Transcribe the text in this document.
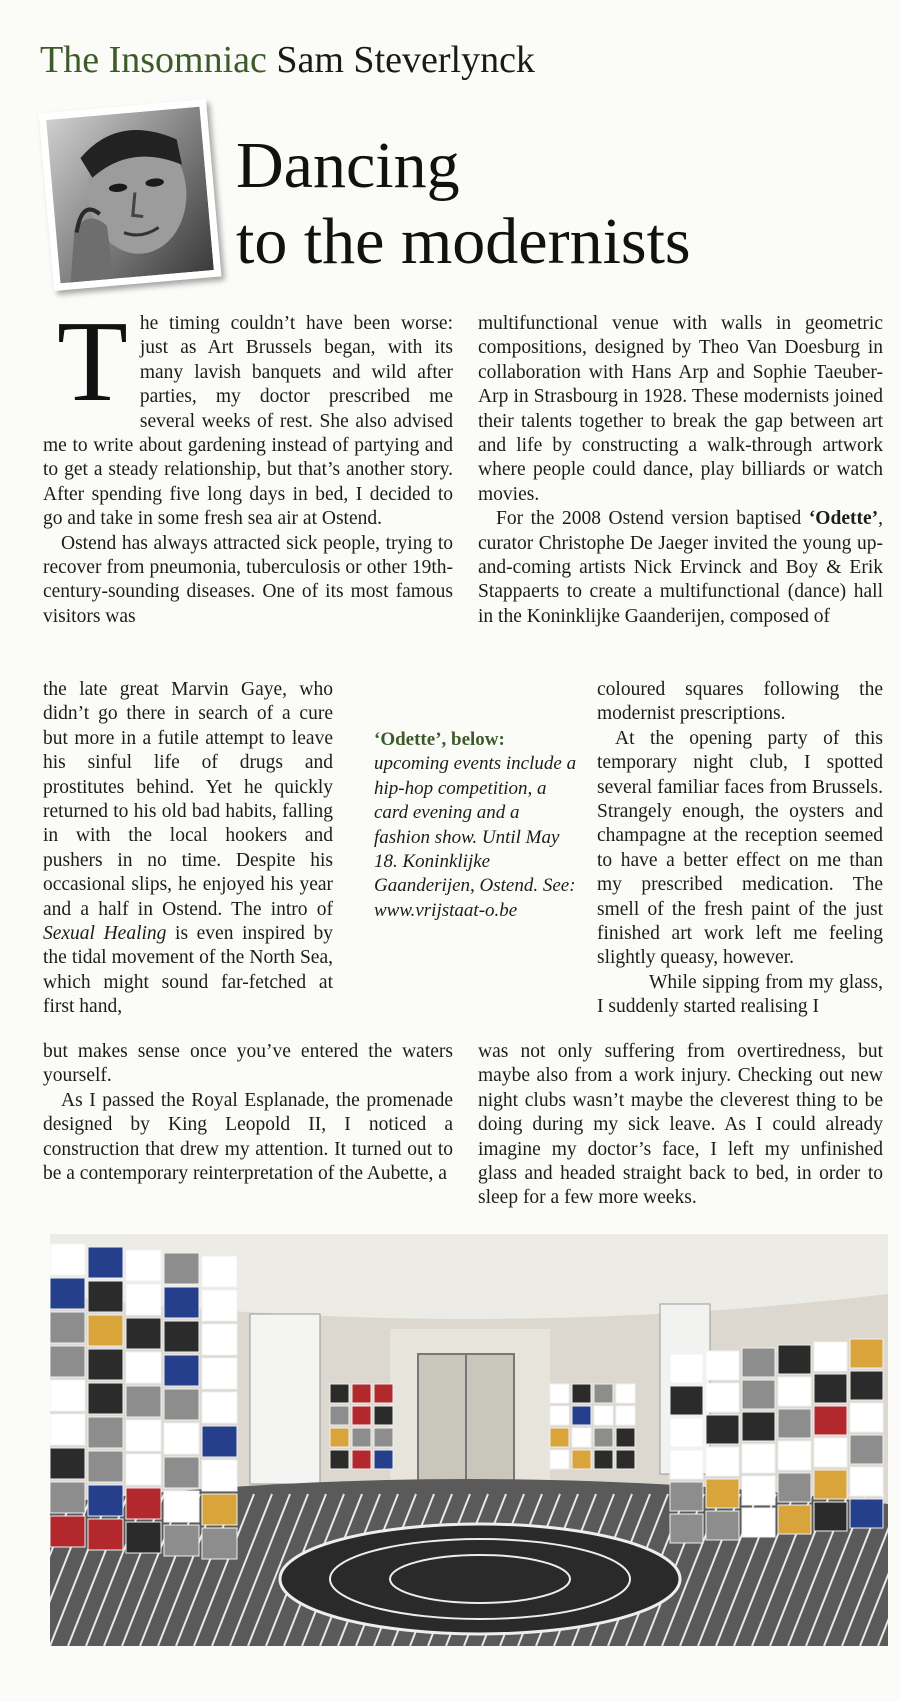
The Insomniac Sam Steverlynck
Dancing
to the modernists

The timing couldn’t have been worse: just as Art Brussels began, with its many lavish banquets and wild after parties, my doctor prescribed me several weeks of rest. She also advised me to write about gardening instead of partying and to get a steady relationship, but that’s another story. After spending five long days in bed, I decided to go and take in some fresh sea air at Ostend.

Ostend has always attracted sick people, trying to recover from pneumonia, tuberculosis or other 19th-century-sounding diseases. One of its most famous visitors was

the late great Marvin Gaye, who didn’t go there in search of a cure but more in a futile attempt to leave his sinful life of drugs and prostitutes behind. Yet he quickly returned to his old bad habits, falling in with the local hookers and pushers in no time. Despite his occasional slips, he enjoyed his year and a half in Ostend. The intro of Sexual Healing is even inspired by the tidal movement of the North Sea, which might sound far-fetched at first hand,

‘Odette’, below:
upcoming events include a hip-hop competition, a card evening and a fashion show. Until May 18. Koninklijke Gaanderijen, Ostend. See: www.vrijstaat-o.be

but makes sense once you’ve entered the waters yourself.

As I passed the Royal Esplanade, the promenade designed by King Leopold II, I noticed a construction that drew my attention. It turned out to be a contemporary reinterpretation of the Aubette, a

multifunctional venue with walls in geometric compositions, designed by Theo Van Doesburg in collaboration with Hans Arp and Sophie Taeuber-Arp in Strasbourg in 1928. These modernists joined their talents together to break the gap between art and life by constructing a walk-through artwork where people could dance, play billiards or watch movies.

For the 2008 Ostend version baptised ‘Odette’, curator Christophe De Jaeger invited the young up-and-coming artists Nick Ervinck and Boy & Erik Stappaerts to create a multifunctional (dance) hall in the Koninklijke Gaanderijen, composed of

coloured squares following the modernist prescriptions.

At the opening party of this temporary night club, I spotted several familiar faces from Brussels. Strangely enough, the oysters and champagne at the reception seemed to have a better effect on me than my prescribed medication. The smell of the fresh paint of the just finished art work left me feeling slightly queasy, however.

While sipping from my glass, I suddenly started realising I

was not only suffering from overtiredness, but maybe also from a work injury. Checking out new night clubs wasn’t maybe the cleverest thing to be doing during my sick leave. As I could already imagine my doctor’s face, I left my unfinished glass and headed straight back to bed, in order to sleep for a few more weeks.
